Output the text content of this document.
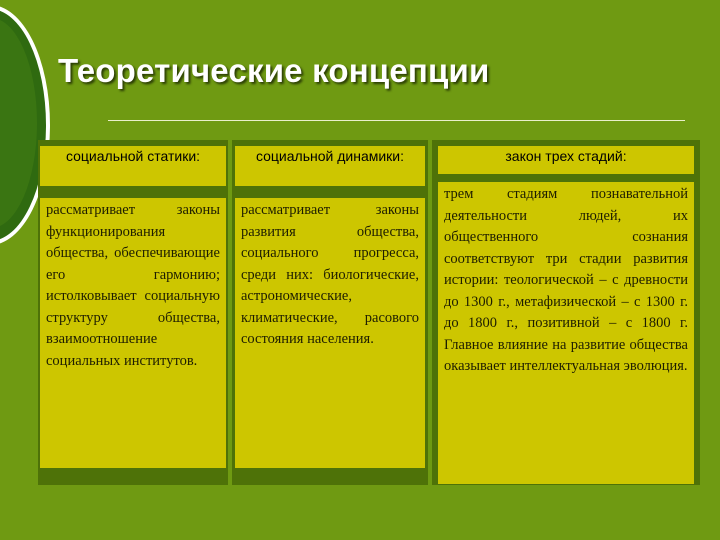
Теоретические концепции
социальной статики:
рассматривает законы функционирования общества, обеспечивающие его гармонию; истолковывает социальную структуру общества, взаимоотношение социальных институтов.
социальной динамики:
рассматривает законы развития общества, социального прогресса, среди них: биологические, астрономические, климатические, расового состояния населения.
закон трех стадий:
трем стадиям познавательной деятельности людей, их общественного сознания соответствуют три стадии развития истории: теологической – с древности до 1300 г., метафизической – с 1300 г. до 1800 г., позитивной – с 1800 г. Главное влияние на развитие общества оказывает интеллектуальная эволюция.
